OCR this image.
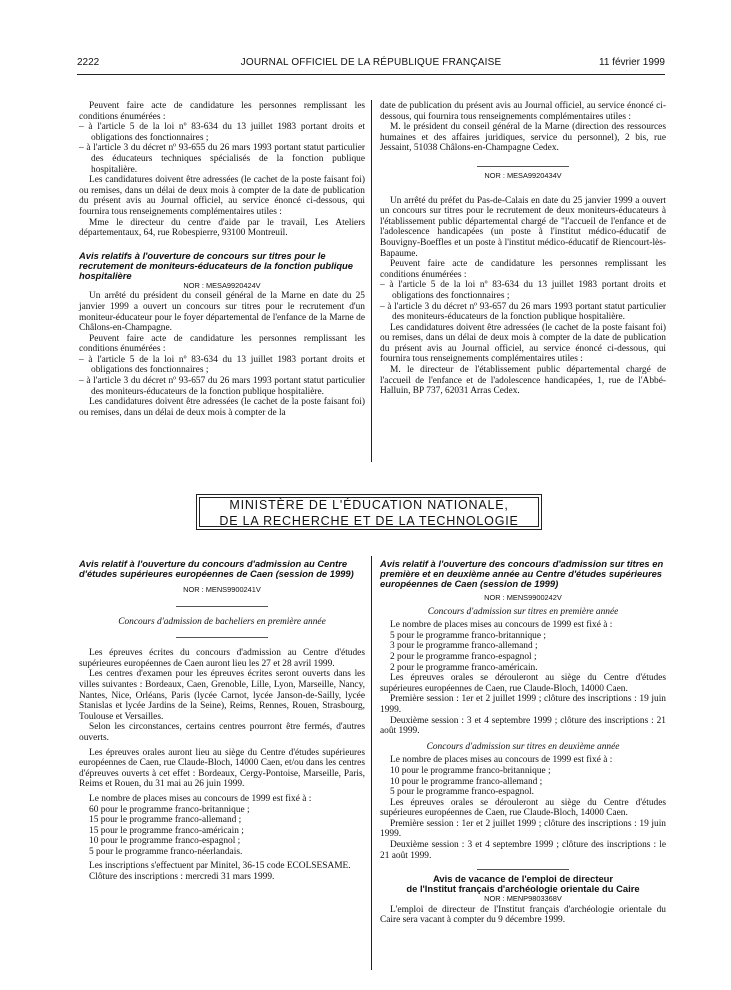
2222	JOURNAL OFFICIEL DE LA RÉPUBLIQUE FRANÇAISE	11 février 1999

Peuvent faire acte de candidature les personnes remplissant les conditions énumérées :

– à l'article 5 de la loi nº 83-634 du 13 juillet 1983 portant droits et obligations des fonctionnaires ;

– à l'article 3 du décret nº 93-655 du 26 mars 1993 portant statut particulier des éducateurs techniques spécialisés de la fonction publique hospitalière.

Les candidatures doivent être adressées (le cachet de la poste faisant foi) ou remises, dans un délai de deux mois à compter de la date de publication du présent avis au Journal officiel, au service énoncé ci-dessous, qui fournira tous renseignements complémentaires utiles :

Mme le directeur du centre d'aide par le travail, Les Ateliers départementaux, 64, rue Robespierre, 93100 Montreuil.

Avis relatifs à l'ouverture de concours sur titres pour le recrutement de moniteurs-éducateurs de la fonction publique hospitalière

NOR : MESA9920424V

Un arrêté du président du conseil général de la Marne en date du 25 janvier 1999 a ouvert un concours sur titres pour le recrutement d'un moniteur-éducateur pour le foyer départemental de l'enfance de la Marne de Châlons-en-Champagne.

Peuvent faire acte de candidature les personnes remplissant les conditions énumérées :

– à l'article 5 de la loi nº 83-634 du 13 juillet 1983 portant droits et obligations des fonctionnaires ;

– à l'article 3 du décret nº 93-657 du 26 mars 1993 portant statut particulier des moniteurs-éducateurs de la fonction publique hospitalière.

Les candidatures doivent être adressées (le cachet de la poste faisant foi) ou remises, dans un délai de deux mois à compter de la

date de publication du présent avis au Journal officiel, au service énoncé ci-dessous, qui fournira tous renseignements complémentaires utiles :

M. le président du conseil général de la Marne (direction des ressources humaines et des affaires juridiques, service du personnel), 2 bis, rue Jessaint, 51038 Châlons-en-Champagne Cedex.

NOR : MESA9920434V

Un arrêté du préfet du Pas-de-Calais en date du 25 janvier 1999 a ouvert un concours sur titres pour le recrutement de deux moniteurs-éducateurs à l'établissement public départemental chargé de "l'accueil de l'enfance et de l'adolescence handicapées (un poste à l'institut médico-éducatif de Bouvigny-Boeffles et un poste à l'institut médico-éducatif de Riencourt-lès-Bapaume.

Peuvent faire acte de candidature les personnes remplissant les conditions énumérées :

– à l'article 5 de la loi nº 83-634 du 13 juillet 1983 portant droits et obligations des fonctionnaires ;

– à l'article 3 du décret nº 93-657 du 26 mars 1993 portant statut particulier des moniteurs-éducateurs de la fonction publique hospitalière.

Les candidatures doivent être adressées (le cachet de la poste faisant foi) ou remises, dans un délai de deux mois à compter de la date de publication du présent avis au Journal officiel, au service énoncé ci-dessous, qui fournira tous renseignements complémentaires utiles :

M. le directeur de l'établissement public départemental chargé de l'accueil de l'enfance et de l'adolescence handicapées, 1, rue de l'Abbé-Halluin, BP 737, 62031 Arras Cedex.

MINISTÈRE DE L'ÉDUCATION NATIONALE,
DE LA RECHERCHE ET DE LA TECHNOLOGIE

Avis relatif à l'ouverture du concours d'admission au Centre d'études supérieures européennes de Caen (session de 1999)

NOR : MENS9900241V

Concours d'admission de bacheliers en première année

Les épreuves écrites du concours d'admission au Centre d'études supérieures européennes de Caen auront lieu les 27 et 28 avril 1999.

Les centres d'examen pour les épreuves écrites seront ouverts dans les villes suivantes : Bordeaux, Caen, Grenoble, Lille, Lyon, Marseille, Nancy, Nantes, Nice, Orléans, Paris (lycée Carnot, lycée Janson-de-Sailly, lycée Stanislas et lycée Jardins de la Seine), Reims, Rennes, Rouen, Strasbourg, Toulouse et Versailles.

Selon les circonstances, certains centres pourront être fermés, d'autres ouverts.

Les épreuves orales auront lieu au siège du Centre d'études supérieures européennes de Caen, rue Claude-Bloch, 14000 Caen, et/ou dans les centres d'épreuves ouverts à cet effet : Bordeaux, Cergy-Pontoise, Marseille, Paris, Reims et Rouen, du 31 mai au 26 juin 1999.

Le nombre de places mises au concours de 1999 est fixé à :

60 pour le programme franco-britannique ;

15 pour le programme franco-allemand ;

15 pour le programme franco-américain ;

10 pour le programme franco-espagnol ;

5 pour le programme franco-néerlandais.

Les inscriptions s'effectuent par Minitel, 36-15 code ECOLSESAME.

Clôture des inscriptions : mercredi 31 mars 1999.

Avis relatif à l'ouverture des concours d'admission sur titres en première et en deuxième année au Centre d'études supérieures européennes de Caen (session de 1999)

NOR : MENS9900242V

Concours d'admission sur titres en première année

Le nombre de places mises au concours de 1999 est fixé à :

5 pour le programme franco-britannique ;

3 pour le programme franco-allemand ;

2 pour le programme franco-espagnol ;

2 pour le programme franco-américain.

Les épreuves orales se dérouleront au siège du Centre d'études supérieures européennes de Caen, rue Claude-Bloch, 14000 Caen.

Première session : 1er et 2 juillet 1999 ; clôture des inscriptions : 19 juin 1999.

Deuxième session : 3 et 4 septembre 1999 ; clôture des inscriptions : 21 août 1999.

Concours d'admission sur titres en deuxième année

Le nombre de places mises au concours de 1999 est fixé à :

10 pour le programme franco-britannique ;

10 pour le programme franco-allemand ;

5 pour le programme franco-espagnol.

Les épreuves orales se dérouleront au siège du Centre d'études supérieures européennes de Caen, rue Claude-Bloch, 14000 Caen.

Première session : 1er et 2 juillet 1999 ; clôture des inscriptions : 19 juin 1999.

Deuxième session : 3 et 4 septembre 1999 ; clôture des inscriptions : le 21 août 1999.

Avis de vacance de l'emploi de directeur

de l'Institut français d'archéologie orientale du Caire

NOR : MENP9803368V

L'emploi de directeur de l'Institut français d'archéologie orientale du Caire sera vacant à compter du 9 décembre 1999.
